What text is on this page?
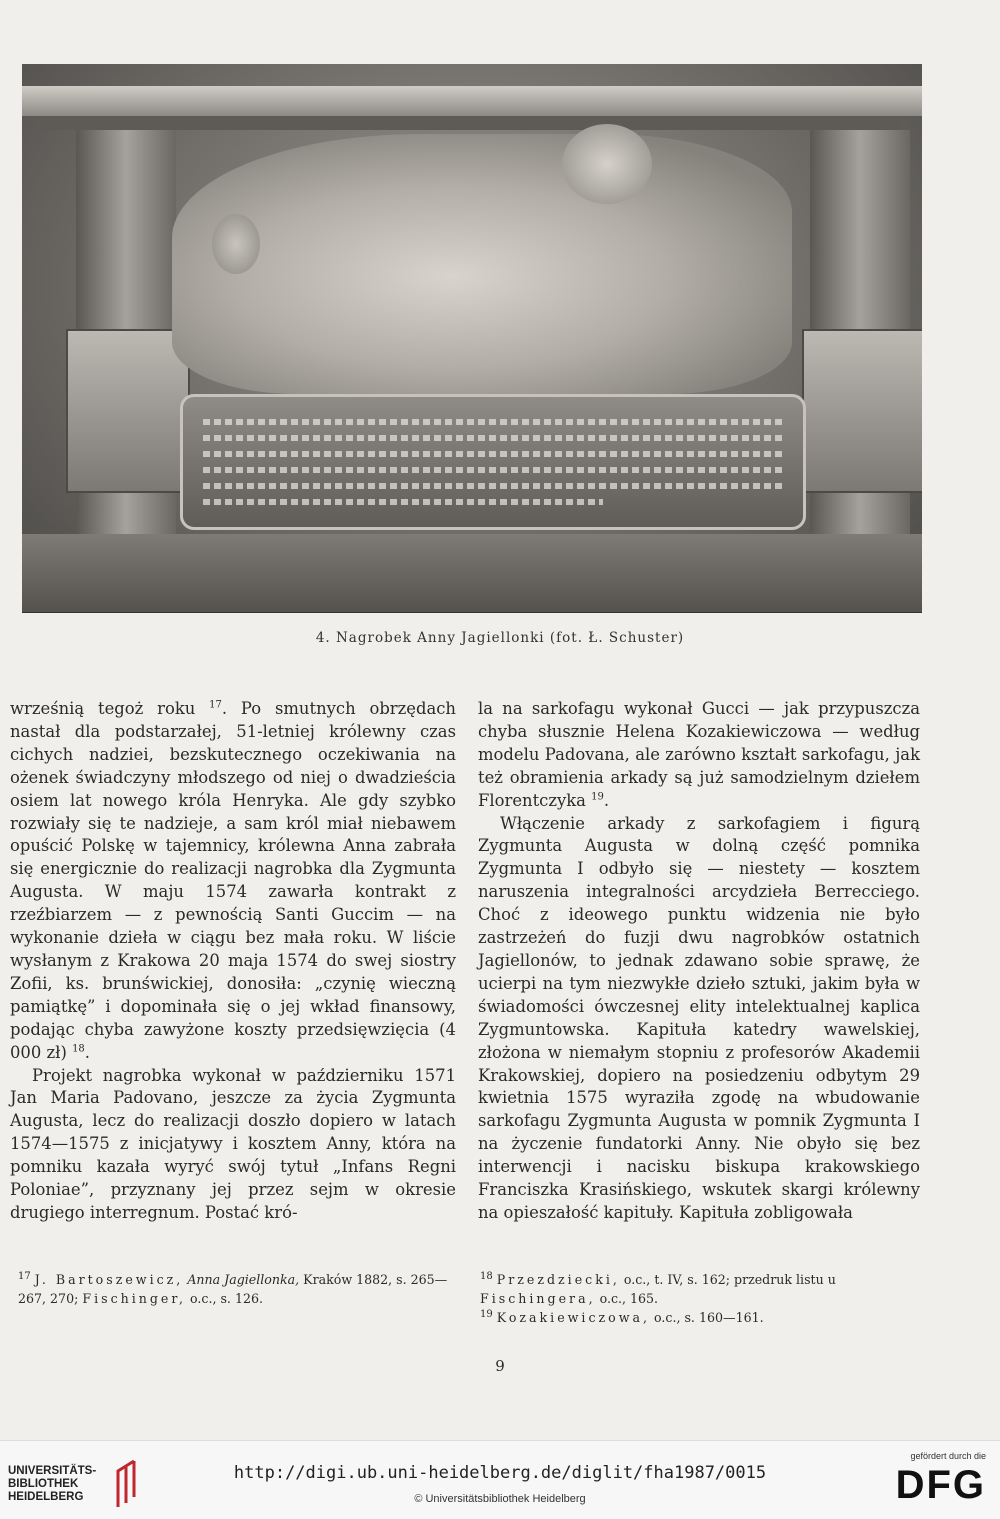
4. Nagrobek Anny Jagiellonki (fot. Ł. Schuster)

wrześnią tegoż roku $^{17}$. Po smutnych obrzędach nastał dla podstarzałej, 51-letniej królewny czas cichych nadziei, bezskutecznego oczekiwania na ożenek świadczyny młodszego od niej o dwadzieścia osiem lat nowego króla Henryka. Ale gdy szybko rozwiały się te nadzieje, a sam król miał niebawem opuścić Polskę w tajemnicy, królewna Anna zabrała się energicznie do realizacji nagrobka dla Zygmunta Augusta. W maju 1574 zawarła kontrakt z rzeźbiarzem — z pewnością Santi Guccim — na wykonanie dzieła w ciągu bez mała roku. W liście wysłanym z Krakowa 20 maja 1574 do swej siostry Zofii, ks. brunświckiej, donosiła: „czynię wieczną pamiątkę” i dopominała się o jej wkład finansowy, podając chyba zawyżone koszty przedsięwzięcia (4 000 zł) $^{18}$.

Projekt nagrobka wykonał w październiku 1571 Jan Maria Padovano, jeszcze za życia Zygmunta Augusta, lecz do realizacji doszło dopiero w latach 1574—1575 z inicjatywy i kosztem Anny, która na pomniku kazała wyryć swój tytuł „Infans Regni Poloniae”, przyznany jej przez sejm w okresie drugiego interregnum. Postać kró-

la na sarkofagu wykonał Gucci — jak przypuszcza chyba słusznie Helena Kozakiewiczowa — według modelu Padovana, ale zarówno kształt sarkofagu, jak też obramienia arkady są już samodzielnym dziełem Florentczyka $^{19}$.

Włączenie arkady z sarkofagiem i figurą Zygmunta Augusta w dolną część pomnika Zygmunta I odbyło się — niestety — kosztem naruszenia integralności arcydzieła Berrecciego. Choć z ideowego punktu widzenia nie było zastrzeżeń do fuzji dwu nagrobków ostatnich Jagiellonów, to jednak zdawano sobie sprawę, że ucierpi na tym niezwykłe dzieło sztuki, jakim była w świadomości ówczesnej elity intelektualnej kaplica Zygmuntowska. Kapituła katedry wawelskiej, złożona w niemałym stopniu z profesorów Akademii Krakowskiej, dopiero na posiedzeniu odbytym 29 kwietnia 1575 wyraziła zgodę na wbudowanie sarkofagu Zygmunta Augusta w pomnik Zygmunta I na życzenie fundatorki Anny. Nie obyło się bez interwencji i nacisku biskupa krakowskiego Franciszka Krasińskiego, wskutek skargi królewny na opieszałość kapituły. Kapituła zobligowała

$^{17}$ J. Bartoszewicz, Anna Jagiellonka, Kraków 1882, s. 265—267, 270; Fischinger, o.c., s. 126.

$^{18}$ Przezdziecki, o.c., t. IV, s. 162; przedruk listu u Fischingera, o.c., 165.

$^{19}$ Kozakiewiczowa, o.c., s. 160—161.

9
UNIVERSITÄTS-
BIBLIOTHEK
HEIDELBERG
http://digi.ub.uni-heidelberg.de/diglit/fha1987/0015
© Universitätsbibliothek Heidelberg
gefördert durch die
DFG
